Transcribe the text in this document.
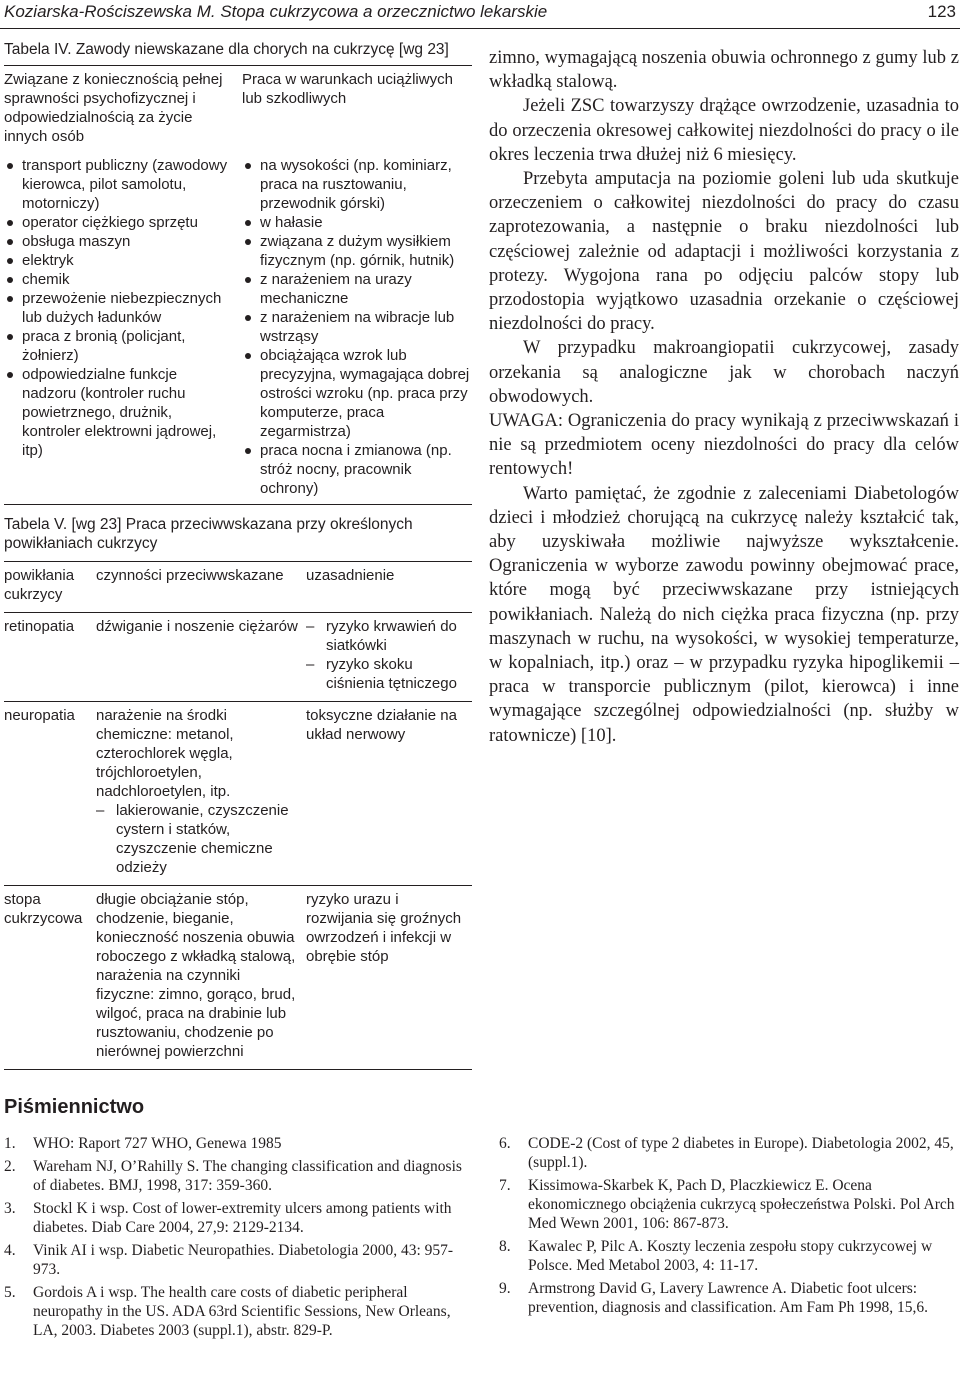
Koziarska-Rościszewska M. Stopa cukrzycowa a orzecznictwo lekarskie	123
Tabela IV. Zawody niewskazane dla chorych na cukrzycę [wg 23]
Związane z koniecznością pełnej sprawności psychofizycznej i odpowiedzialnością za życie innych osób
Praca w warunkach uciążliwych lub szkodliwych
transport publiczny (zawodowy kierowca, pilot samolotu, motorniczy)
operator ciężkiego sprzętu
obsługa maszyn
elektryk
chemik
przewożenie niebezpiecznych lub dużych ładunków
praca z bronią (policjant, żołnierz)
odpowiedzialne funkcje nadzoru (kontroler ruchu powietrznego, drużnik, kontroler elektrowni jądrowej, itp)
na wysokości (np. kominiarz, praca na rusztowaniu, przewodnik górski)
w hałasie
związana z dużym wysiłkiem fizycznym (np. górnik, hutnik)
z narażeniem na urazy mechaniczne
z narażeniem na wibracje lub wstrząsy
obciążająca wzrok lub precyzyjna, wymagająca dobrej ostrości wzroku (np. praca przy komputerze, praca zegarmistrza)
praca nocna i zmianowa (np. stróż nocny, pracownik ochrony)
Tabela V. [wg 23] Praca przeciwwskazana przy określonych powikłaniach cukrzycy
powikłania cukrzycy
czynności przeciwwskazane	uzasadnienie
retinopatia	dźwiganie i noszenie ciężarów
–	ryzyko krwawień do siatkówki
– ryzyko skoku ciśnienia tętniczego
neuropatia	narażenie na środki chemiczne: metanol, czterochlorek węgla, trójchloroetylen, nadchloroetylen, itp.
– lakierowanie, czyszczenie cystern i statków, czyszczenie chemiczne odzieży
toksyczne działanie na układ nerwowy
stopa cukrzycowa
długie obciążanie stóp, chodzenie, bieganie, konieczność noszenia obuwia roboczego z wkładką stalową, narażenia na czynniki fizyczne: zimno, gorąco, brud, wilgoć, praca na drabinie lub rusztowaniu, chodzenie po nierównej powierzchni
ryzyko urazu i rozwijania się groźnych owrzodzeń i infekcji w obrębie stóp

zimno, wymagającą noszenia obuwia ochronnego z gumy lub z wkładką stalową.

Jeżeli ZSC towarzyszy drążące owrzodzenie, uzasadnia to do orzeczenia okresowej całkowitej niezdolności do pracy o ile okres leczenia trwa dłużej niż 6 miesięcy.

Przebyta amputacja na poziomie goleni lub uda skutkuje orzeczeniem o całkowitej niezdolności do pracy do czasu zaprotezowania, a następnie o braku niezdolności lub częściowej zależnie od adaptacji i możliwości korzystania z protezy. Wygojona rana po odjęciu palców stopy lub przodostopia wyjątkowo uzasadnia orzekanie o częściowej niezdolności do pracy.

W przypadku makroangiopatii cukrzycowej, zasady orzekania są analogiczne jak w chorobach naczyń obwodowych.

UWAGA: Ograniczenia do pracy wynikają z przeciwwskazań i nie są przedmiotem oceny niezdolności do pracy dla celów rentowych!

Warto pamiętać, że zgodnie z zaleceniami Diabetologów dzieci i młodzież chorującą na cukrzycę należy kształcić tak, aby uzyskiwała możliwie najwyższe wykształcenie. Ograniczenia w wyborze zawodu powinny obejmować prace, które mogą być przeciwwskazane przy istniejących powikłaniach. Należą do nich ciężka praca fizyczna (np. przy maszynach w ruchu, na wysokości, w wysokiej temperaturze, w kopalniach, itp.) oraz – w przypadku ryzyka hipoglikemii – praca w transporcie publicznym (pilot, kierowca) i inne wymagające szczególnej odpowiedzialności (np. służby w ratownicze) [10].

Piśmiennictwo
1. WHO: Raport 727 WHO, Genewa 1985
2. Wareham NJ, O’Rahilly S. The changing classification and diagnosis of diabetes. BMJ, 1998, 317: 359-360.
3. Stockl K i wsp. Cost of lower-extremity ulcers among patients with diabetes. Diab Care 2004, 27,9: 2129-2134.
4. Vinik AI i wsp. Diabetic Neuropathies. Diabetologia 2000, 43: 957-973.
5. Gordois A i wsp. The health care costs of diabetic peripheral neuropathy in the US. ADA 63rd Scientific Sessions, New Orleans, LA, 2003. Diabetes 2003 (suppl.1), abstr. 829-P.
6. CODE-2 (Cost of type 2 diabetes in Europe). Diabetologia 2002, 45, (suppl.1).
7. Kissimowa-Skarbek K, Pach D, Placzkiewicz E. Ocena ekonomicznego obciążenia cukrzycą społeczeństwa Polski. Pol Arch Med Wewn 2001, 106: 867-873.
8. Kawalec P, Pilc A. Koszty leczenia zespołu stopy cukrzycowej w Polsce. Med Metabol 2003, 4: 11-17.
9. Armstrong David G, Lavery Lawrence A. Diabetic foot ulcers: prevention, diagnosis and classification. Am Fam Ph 1998, 15,6.
